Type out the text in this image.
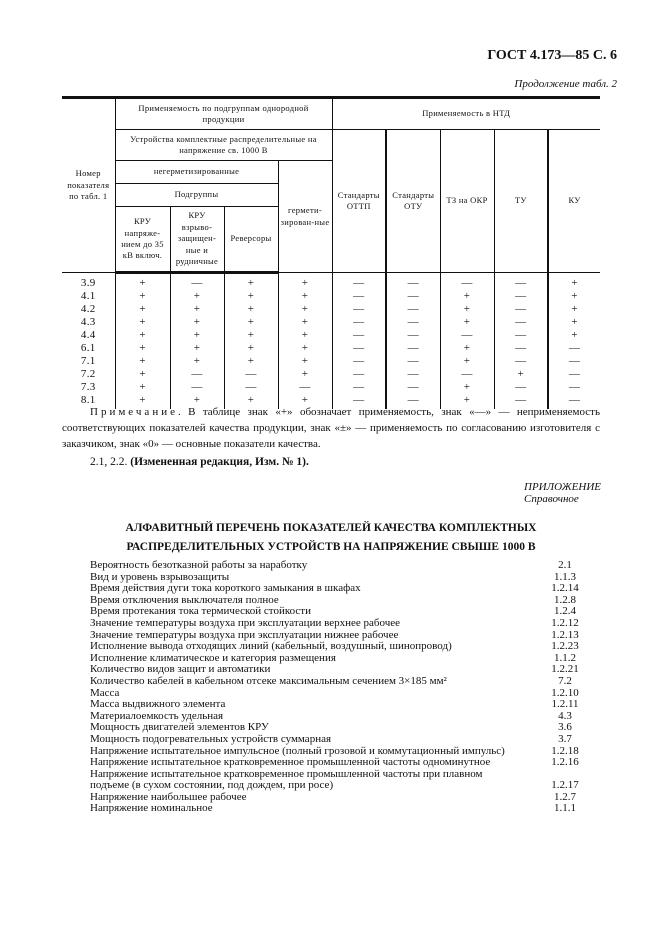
ГОСТ 4.173—85 С. 6
Продолжение табл. 2
Номер показателя по табл. 1	Применяемость по подгруппам однородной продукции				Применяемость в НТД				
	Устройства комплектные распределительные на напряжение св. 1000 В				Стандарты ОТТП	Стандарты ОТУ	ТЗ на ОКР	ТУ	КУ
	негерметизированные			гермети-зирован-ные					
	Подгруппы								
	КРУ напряже- нием до 35 кВ включ.	КРУ взрыво- защищен- ные и рудничные	Реверсоры						
3.9	+	—	+	+	—	—	—	—	+
4.1	+	+	+	+	—	—	+	—	+
4.2	+	+	+	+	—	—	+	—	+
4.3	+	+	+	+	—	—	+	—	+
4.4	+	+	+	+	—	—	—	—	+
6.1	+	+	+	+	—	—	+	—	—
7.1	+	+	+	+	—	—	+	—	—
7.2	+	—	—	+	—	—	—	+	—
7.3	+	—	—	—	—	—	+	—	—
8.1	+	+	+	+	—	—	+	—	—

Примечание. В таблице знак «+» обозначает применяемость, знак «—» — неприменяемость соответствующих показателей качества продукции, знак «±» — применяемость по согласованию изготовителя с заказчиком, знак «0» — основные показатели качества.

2.1, 2.2. (Измененная редакция, Изм. № 1).
ПРИЛОЖЕНИЕ
Справочное
АЛФАВИТНЫЙ ПЕРЕЧЕНЬ ПОКАЗАТЕЛЕЙ КАЧЕСТВА КОМПЛЕКТНЫХ РАСПРЕДЕЛИТЕЛЬНЫХ УСТРОЙСТВ НА НАПРЯЖЕНИЕ СВЫШЕ 1000 В
Вероятность безотказной работы за наработку	2.1
Вид и уровень взрывозащиты	1.1.3
Время действия дуги тока короткого замыкания в шкафах	1.2.14
Время отключения выключателя полное	1.2.8
Время протекания тока термической стойкости	1.2.4
Значение температуры воздуха при эксплуатации верхнее рабочее	1.2.12
Значение температуры воздуха при эксплуатации нижнее рабочее	1.2.13
Исполнение вывода отходящих линий (кабельный, воздушный, шинопровод)	1.2.23
Исполнение климатическое и категория размещения	1.1.2
Количество видов защит и автоматики	1.2.21
Количество кабелей в кабельном отсеке максимальным сечением 3×185 мм²	7.2
Масса	1.2.10
Масса выдвижного элемента	1.2.11
Материалоемкость удельная	4.3
Мощность двигателей элементов КРУ	3.6
Мощность подогревательных устройств суммарная	3.7
Напряжение испытательное импульсное (полный грозовой и коммутационный импульс)	1.2.18
Напряжение испытательное кратковременное промышленной частоты одноминутное	1.2.16
Напряжение испытательное кратковременное промышленной частоты при плавном
подъеме (в сухом состоянии, под дождем, при росе)	1.2.17
Напряжение наибольшее рабочее	1.2.7
Напряжение номинальное	1.1.1
